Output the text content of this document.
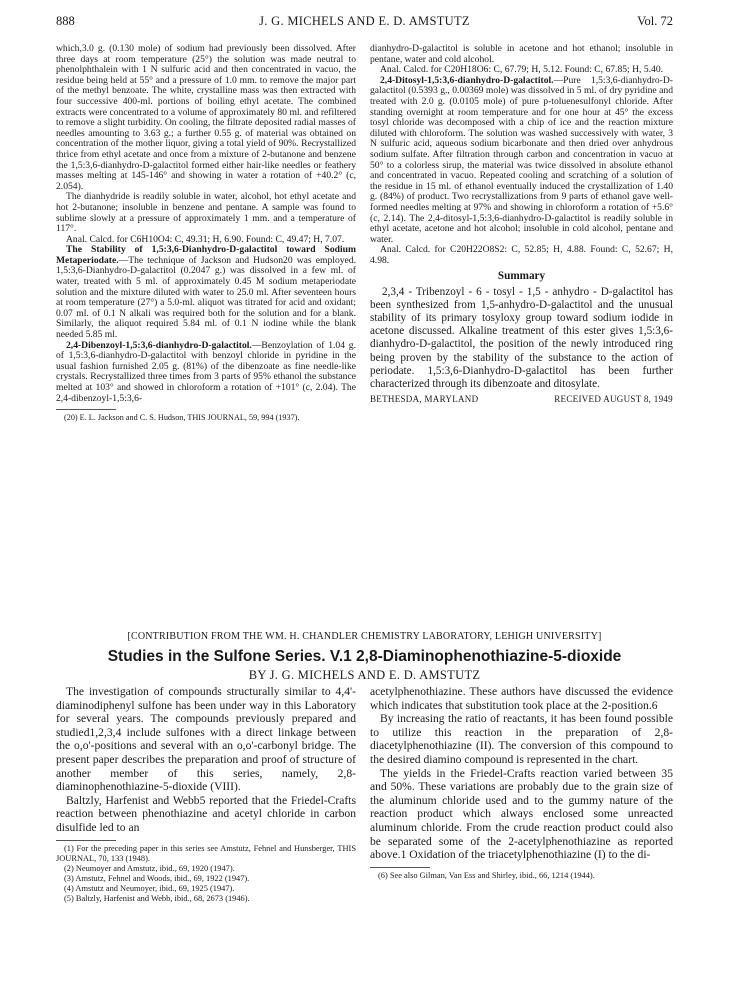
888	J. G. MICHELS AND E. D. AMSTUTZ	Vol. 72

which,3.0 g. (0.130 mole) of sodium had previously been dissolved. After three days at room temperature (25°) the solution was made neutral to phenolphthalein with 1 N sulfuric acid and then concentrated in vacuo, the residue being held at 55° and a pressure of 1.0 mm. to remove the major part of the methyl benzoate. The white, crystalline mass was then extracted with four successive 400-ml. portions of boiling ethyl acetate. The combined extracts were concentrated to a volume of approximately 80 ml. and refiltered to remove a slight turbidity. On cooling, the filtrate deposited radial masses of needles amounting to 3.63 g.; a further 0.55 g. of material was obtained on concentration of the mother liquor, giving a total yield of 90%. Recrystallized thrice from ethyl acetate and once from a mixture of 2-butanone and benzene the 1,5:3,6-dianhydro-D-galactitol formed either hair-like needles or feathery masses melting at 145-146° and showing in water a rotation of +40.2° (c, 2.054).

The dianhydride is readily soluble in water, alcohol, hot ethyl acetate and hot 2-butanone; insoluble in benzene and pentane. A sample was found to sublime slowly at a pressure of approximately 1 mm. and a temperature of 117°.

Anal. Calcd. for C6H10O4: C, 49.31; H, 6.90. Found: C, 49.47; H, 7.07.

The Stability of 1,5:3,6-Dianhydro-D-galactitol toward Sodium Metaperiodate.—The technique of Jackson and Hudson20 was employed. 1,5:3,6-Dianhydro-D-galactitol (0.2047 g.) was dissolved in a few ml. of water, treated with 5 ml. of approximately 0.45 M sodium metaperiodate solution and the mixture diluted with water to 25.0 ml. After seventeen hours at room temperature (27°) a 5.0-ml. aliquot was titrated for acid and oxidant; 0.07 ml. of 0.1 N alkali was required both for the solution and for a blank. Similarly, the aliquot required 5.84 ml. of 0.1 N iodine while the blank needed 5.85 ml.

2,4-Dibenzoyl-1,5:3,6-dianhydro-D-galactitol.—Benzoylation of 1.04 g. of 1,5:3,6-dianhydro-D-galactitol with benzoyl chloride in pyridine in the usual fashion furnished 2.05 g. (81%) of the dibenzoate as fine needle-like crystals. Recrystallized three times from 3 parts of 95% ethanol the substance melted at 103° and showed in chloroform a rotation of +101° (c, 2.04). The 2,4-dibenzoyl-1,5:3,6-

(20) E. L. Jackson and C. S. Hudson, THIS JOURNAL, 59, 994 (1937).

dianhydro-D-galactitol is soluble in acetone and hot ethanol; insoluble in pentane, water and cold alcohol.

Anal. Calcd. for C20H18O6: C, 67.79; H, 5.12. Found: C, 67.85; H, 5.40.

2,4-Ditosyl-1,5:3,6-dianhydro-D-galactitol.—Pure 1,5:3,6-dianhydro-D-galactitol (0.5393 g., 0.00369 mole) was dissolved in 5 ml. of dry pyridine and treated with 2.0 g. (0.0105 mole) of pure p-toluenesulfonyl chloride. After standing overnight at room temperature and for one hour at 45° the excess tosyl chloride was decomposed with a chip of ice and the reaction mixture diluted with chloroform. The solution was washed successively with water, 3 N sulfuric acid, aqueous sodium bicarbonate and then dried over anhydrous sodium sulfate. After filtration through carbon and concentration in vacuo at 50° to a colorless sirup, the material was twice dissolved in absolute ethanol and concentrated in vacuo. Repeated cooling and scratching of a solution of the residue in 15 ml. of ethanol eventually induced the crystallization of 1.40 g. (84%) of product. Two recrystallizations from 9 parts of ethanol gave well-formed needles melting at 97% and showing in chloroform a rotation of +5.6° (c, 2.14). The 2,4-ditosyl-1,5:3,6-dianhydro-D-galactitol is readily soluble in ethyl acetate, acetone and hot alcohol; insoluble in cold alcohol, pentane and water.

Anal. Calcd. for C20H22O8S2: C, 52.85; H, 4.88. Found: C, 52.67; H, 4.98.

Summary

2,3,4 - Tribenzoyl - 6 - tosyl - 1,5 - anhydro - D-galactitol has been synthesized from 1,5-anhydro-D-galactitol and the unusual stability of its primary tosyloxy group toward sodium iodide in acetone discussed. Alkaline treatment of this ester gives 1,5:3,6-dianhydro-D-galactitol, the position of the newly introduced ring being proven by the stability of the substance to the action of periodate. 1,5:3,6-Dianhydro-D-galactitol has been further characterized through its dibenzoate and ditosylate.

BETHESDA, MARYLAND	RECEIVED AUGUST 8, 1949
[CONTRIBUTION FROM THE WM. H. CHANDLER CHEMISTRY LABORATORY, LEHIGH UNIVERSITY]
Studies in the Sulfone Series. V.1 2,8-Diaminophenothiazine-5-dioxide
BY J. G. MICHELS AND E. D. AMSTUTZ

The investigation of compounds structurally similar to 4,4'-diaminodiphenyl sulfone has been under way in this Laboratory for several years. The compounds previously prepared and studied1,2,3,4 include sulfones with a direct linkage between the o,o'-positions and several with an o,o'-carbonyl bridge. The present paper describes the preparation and proof of structure of another member of this series, namely, 2,8-diaminophenothiazine-5-dioxide (VIII).

Baltzly, Harfenist and Webb5 reported that the Friedel-Crafts reaction between phenothiazine and acetyl chloride in carbon disulfide led to an

(1) For the preceding paper in this series see Amstutz, Fehnel and Hunsberger, THIS JOURNAL, 70, 133 (1948).

(2) Neumoyer and Amstutz, ibid., 69, 1920 (1947).

(3) Amstutz, Fehnel and Woods, ibid., 69, 1922 (1947).

(4) Amstutz and Neumoyer, ibid., 69, 1925 (1947).

(5) Baltzly, Harfenist and Webb, ibid., 68, 2673 (1946).

acetylphenothiazine. These authors have discussed the evidence which indicates that substitution took place at the 2-position.6

By increasing the ratio of reactants, it has been found possible to utilize this reaction in the preparation of 2,8-diacetylphenothiazine (II). The conversion of this compound to the desired diamino compound is represented in the chart.

The yields in the Friedel-Crafts reaction varied between 35 and 50%. These variations are probably due to the grain size of the aluminum chloride used and to the gummy nature of the reaction product which always enclosed some unreacted aluminum chloride. From the crude reaction product could also be separated some of the 2-acetylphenothiazine as reported above.1 Oxidation of the triacetylphenothiazine (I) to the di-

(6) See also Gilman, Van Ess and Shirley, ibid., 66, 1214 (1944).
